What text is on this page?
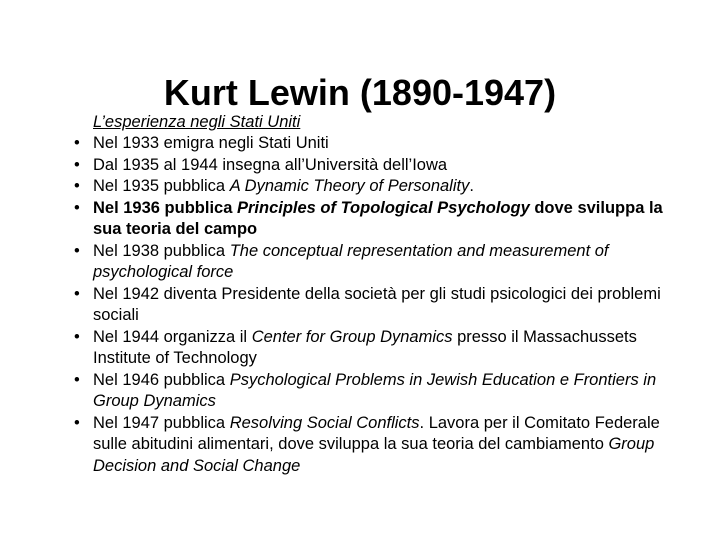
Kurt Lewin (1890-1947)
L’esperienza negli Stati Uniti
•
Nel 1933 emigra negli Stati Uniti
•
Dal 1935 al 1944 insegna all’Università dell’Iowa
•
Nel 1935 pubblica A Dynamic Theory of Personality.
•
Nel 1936 pubblica Principles of Topological Psychology dove sviluppa la sua teoria del campo
•
Nel 1938 pubblica The conceptual representation and measurement of psychological force
•
Nel 1942 diventa Presidente della società per gli studi psicologici dei problemi sociali
•
Nel 1944 organizza il Center for Group Dynamics presso il Massachussets Institute of Technology
•
Nel 1946 pubblica Psychological Problems in Jewish Education e Frontiers in Group Dynamics
•
Nel 1947 pubblica Resolving Social Conflicts. Lavora per il Comitato Federale sulle abitudini alimentari, dove sviluppa la sua teoria del cambiamento Group Decision and Social Change
